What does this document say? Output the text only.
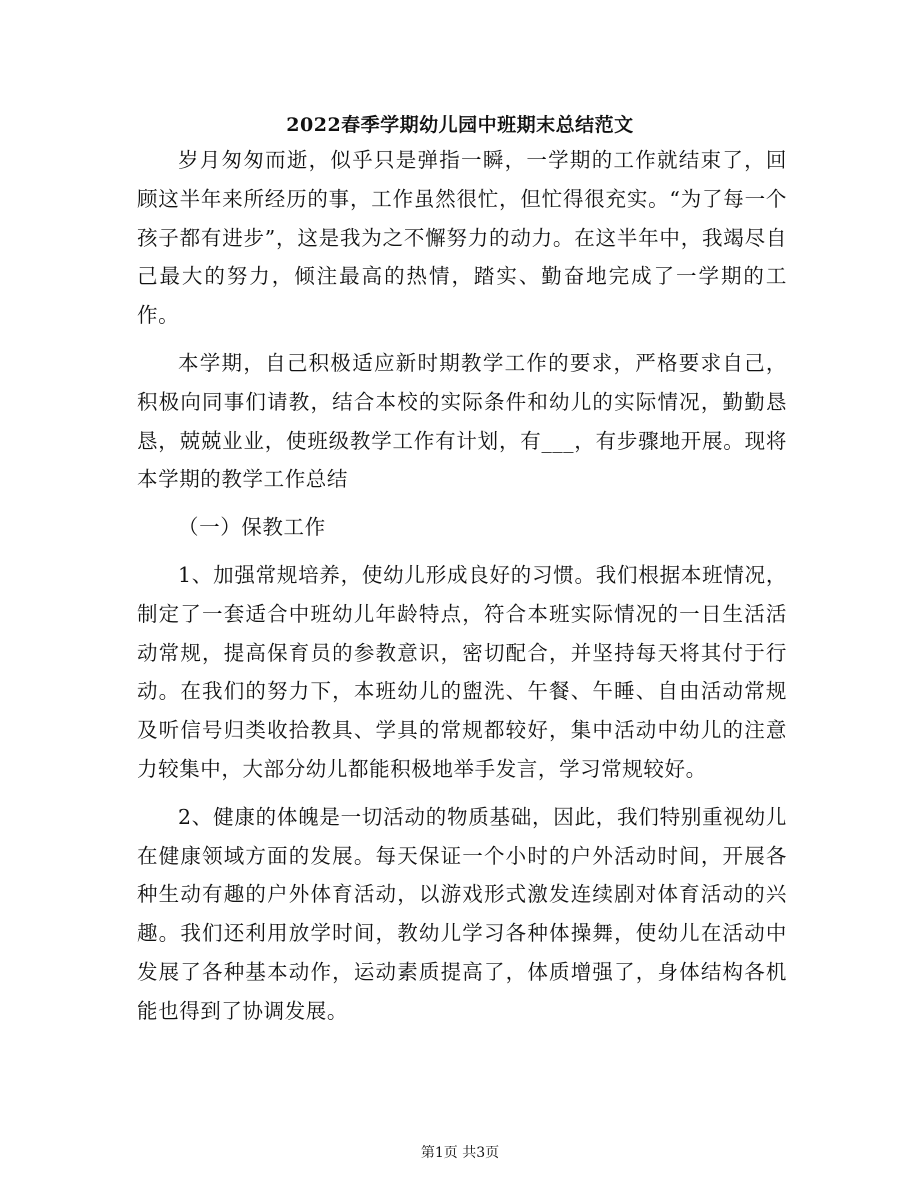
2022春季学期幼儿园中班期末总结范文

岁月匆匆而逝，似乎只是弹指一瞬，一学期的工作就结束了，回顾这半年来所经历的事，工作虽然很忙，但忙得很充实。“为了每一个孩子都有进步”，这是我为之不懈努力的动力。在这半年中，我竭尽自己最大的努力，倾注最高的热情，踏实、勤奋地完成了一学期的工作。

本学期，自己积极适应新时期教学工作的要求，严格要求自己，积极向同事们请教，结合本校的实际条件和幼儿的实际情况，勤勤恳恳，兢兢业业，使班级教学工作有计划，有___，有步骤地开展。现将本学期的教学工作总结

（一）保教工作

1、加强常规培养，使幼儿形成良好的习惯。我们根据本班情况，制定了一套适合中班幼儿年龄特点，符合本班实际情况的一日生活活动常规，提高保育员的参教意识，密切配合，并坚持每天将其付于行动。在我们的努力下，本班幼儿的盥洗、午餐、午睡、自由活动常规及听信号归类收拾教具、学具的常规都较好，集中活动中幼儿的注意力较集中，大部分幼儿都能积极地举手发言，学习常规较好。

2、健康的体魄是一切活动的物质基础，因此，我们特别重视幼儿在健康领域方面的发展。每天保证一个小时的户外活动时间，开展各种生动有趣的户外体育活动，以游戏形式激发连续剧对体育活动的兴趣。我们还利用放学时间，教幼儿学习各种体操舞，使幼儿在活动中发展了各种基本动作，运动素质提高了，体质增强了，身体结构各机能也得到了协调发展。

第1页 共3页
